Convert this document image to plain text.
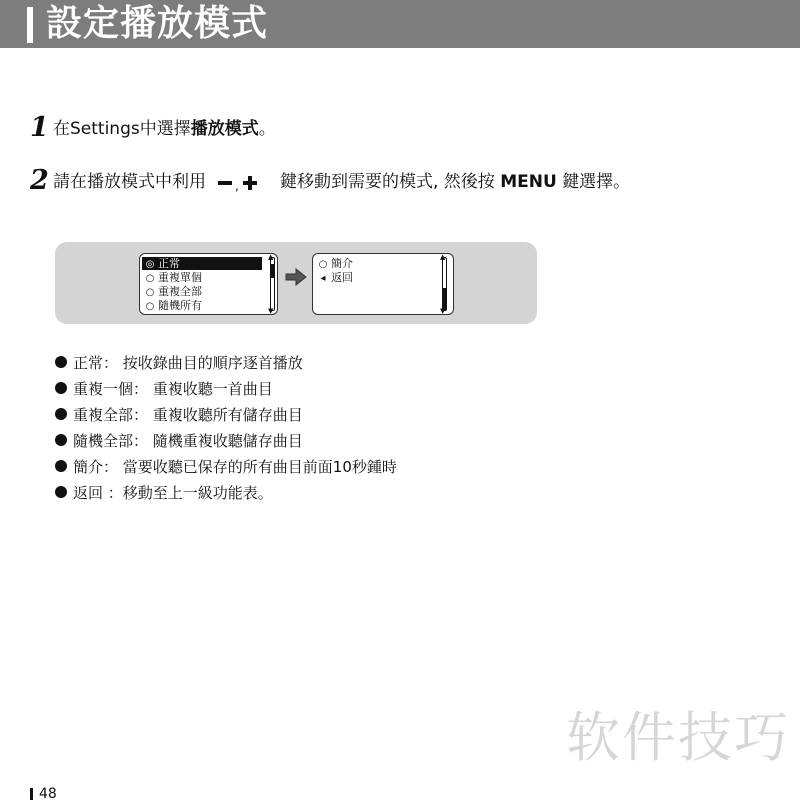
設定播放模式
1 在Settings中選擇播放模式。
2 請在播放模式中利用 , 鍵移動到需要的模式, 然後按 MENU 鍵選擇。
◎ 正常
○ 重複單個
○ 重複全部
○ 隨機所有
▲
▼
○ 簡介
◂ 返回
▲
▼
正常： 按收錄曲目的順序逐首播放
重複一個： 重複收聽一首曲目
重複全部： 重複收聽所有儲存曲目
隨機全部： 隨機重複收聽儲存曲目
簡介： 當要收聽已保存的所有曲目前面10秒鍾時
返回 ：移動至上一級功能表。
软件技巧
48
